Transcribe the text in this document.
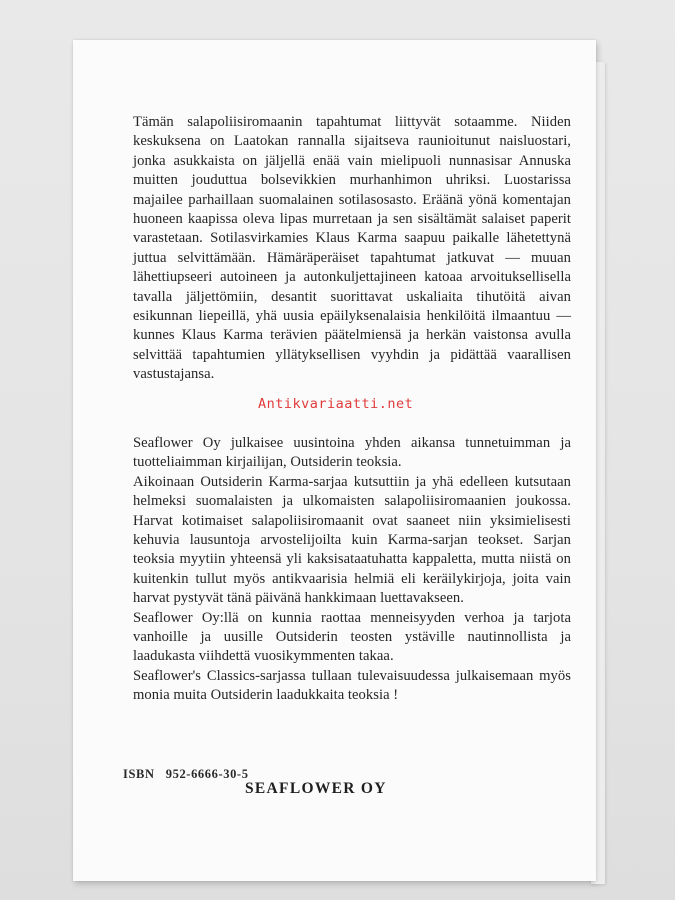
Tämän salapoliisiromaanin tapahtumat liittyvät sotaamme. Niiden keskuksena on Laatokan rannalla sijaitseva raunioitunut naisluostari, jonka asukkaista on jäljellä enää vain mielipuoli nunnasisar Annuska muitten jouduttua bolsevikkien murhanhimon uhriksi. Luostarissa majailee parhaillaan suomalainen sotilasosasto. Eräänä yönä komentajan huoneen kaapissa oleva lipas murretaan ja sen sisältämät salaiset paperit varastetaan. Sotilasvirkamies Klaus Karma saapuu paikalle lähetettynä juttua selvittämään. Hämäräperäiset tapahtumat jatkuvat — muuan lähettiupseeri autoineen ja autonkuljettajineen katoaa arvoituksellisella tavalla jäljettömiin, desantit suorittavat uskaliaita tihutöitä aivan esikunnan liepeillä, yhä uusia epäilyksenalaisia henkilöitä ilmaantuu — kunnes Klaus Karma terävien päätelmiensä ja herkän vaistonsa avulla selvittää tapahtumien yllätyksellisen vyyhdin ja pidättää vaarallisen vastustajansa.

Antikvariaatti.net

Seaflower Oy julkaisee uusintoina yhden aikansa tunnetuimman ja tuotteliaimman kirjailijan, Outsiderin teoksia.

Aikoinaan Outsiderin Karma-sarjaa kutsuttiin ja yhä edelleen kutsutaan helmeksi suomalaisten ja ulkomaisten salapoliisiromaanien joukossa. Harvat kotimaiset salapoliisiromaanit ovat saaneet niin yksimielisesti kehuvia lausuntoja arvostelijoilta kuin Karma-sarjan teokset. Sarjan teoksia myytiin yhteensä yli kaksisataatuhatta kappaletta, mutta niistä on kuitenkin tullut myös antikvaarisia helmiä eli keräilykirjoja, joita vain harvat pystyvät tänä päivänä hankkimaan luettavakseen.

Seaflower Oy:llä on kunnia raottaa menneisyyden verhoa ja tarjota vanhoille ja uusille Outsiderin teosten ystäville nautinnollista ja laadukasta viihdettä vuosikymmenten takaa.

Seaflower's Classics-sarjassa tullaan tulevaisuudessa julkaisemaan myös monia muita Outsiderin laadukkaita teoksia !

ISBN   952-6666-30-5
SEAFLOWER OY
